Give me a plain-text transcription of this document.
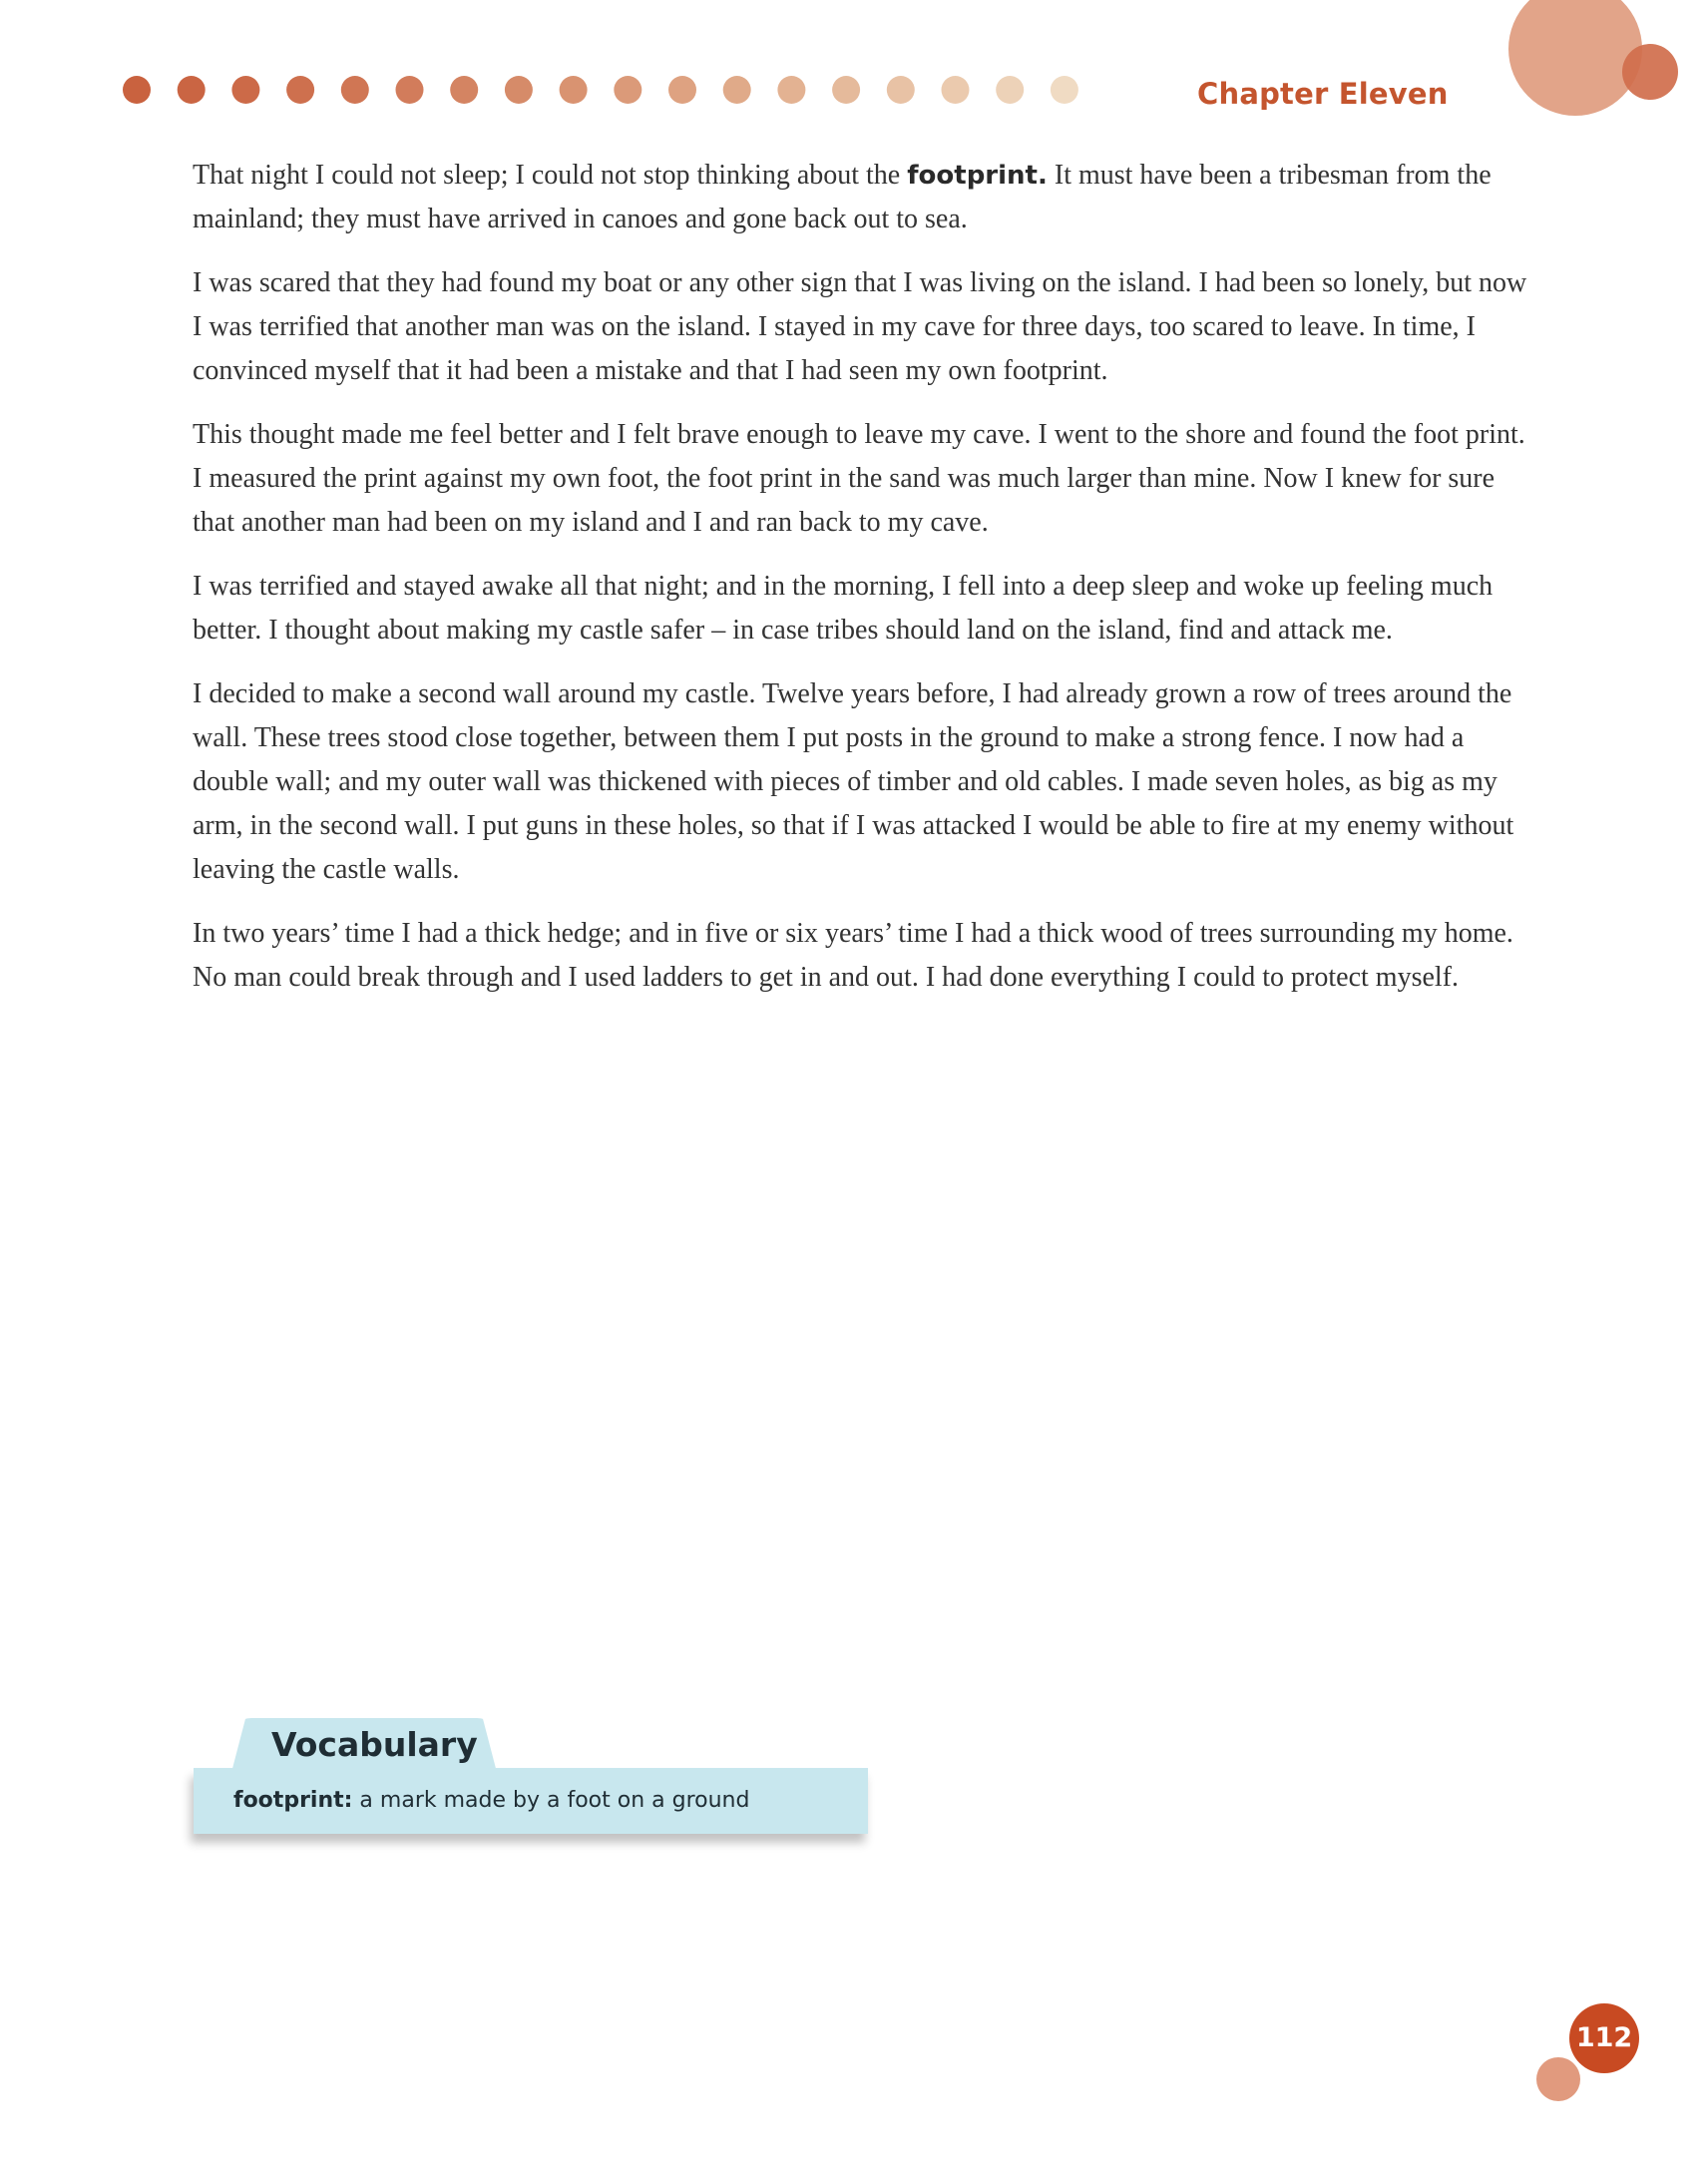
Chapter Eleven

That night I could not sleep; I could not stop thinking about the footprint. It must have been a tribesman from the mainland; they must have arrived in canoes and gone back out to sea.

I was scared that they had found my boat or any other sign that I was living on the island. I had been so lonely, but now I was terrified that another man was on the island. I stayed in my cave for three days, too scared to leave. In time, I convinced myself that it had been a mistake and that I had seen my own footprint.

This thought made me feel better and I felt brave enough to leave my cave. I went to the shore and found the foot print. I measured the print against my own foot, the foot print in the sand was much larger than mine. Now I knew for sure that another man had been on my island and I and ran back to my cave.

I was terrified and stayed awake all that night; and in the morning, I fell into a deep sleep and woke up feeling much better. I thought about making my castle safer – in case tribes should land on the island, find and attack me.

I decided to make a second wall around my castle. Twelve years before, I had already grown a row of trees around the wall. These trees stood close together, between them I put posts in the ground to make a strong fence. I now had a double wall; and my outer wall was thickened with pieces of timber and old cables. I made seven holes, as big as my arm, in the second wall. I put guns in these holes, so that if I was attacked I would be able to fire at my enemy without leaving the castle walls.

In two years’ time I had a thick hedge; and in five or six years’ time I had a thick wood of trees surrounding my home. No man could break through and I used ladders to get in and out. I had done everything I could to protect myself.

Vocabulary
footprint: a mark made by a foot on a ground
112
